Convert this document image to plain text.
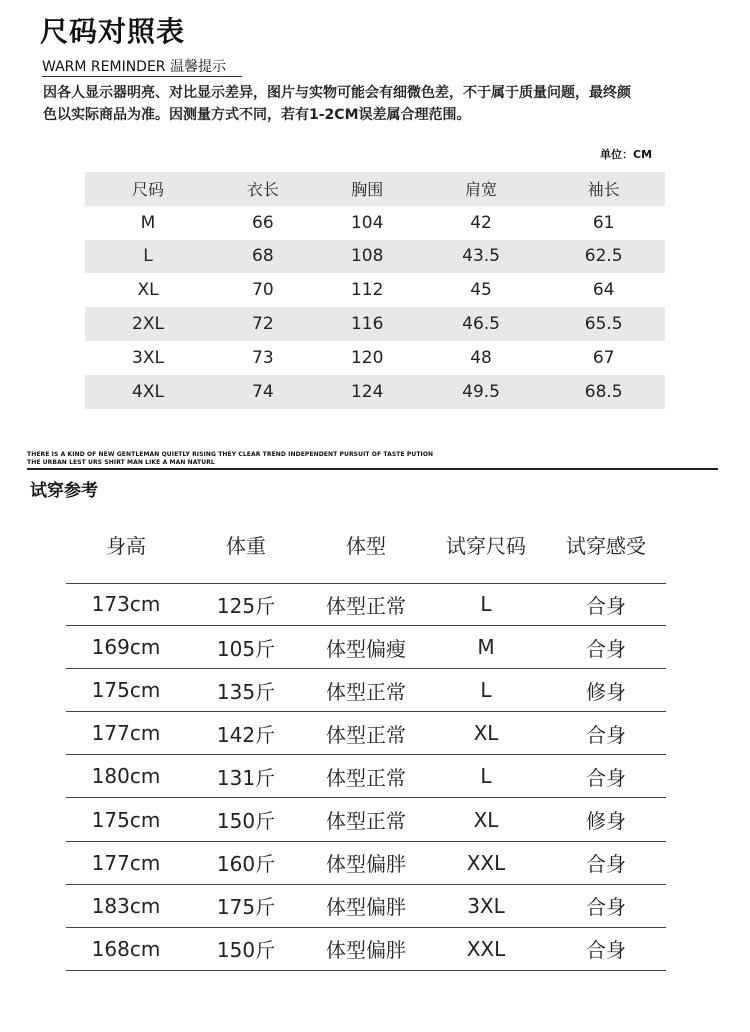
尺码对照表
WARM REMINDER 温馨提示
因各人显示器明亮、对比显示差异，图片与实物可能会有细微色差，不于属于质量问题，最终颜
色以实际商品为准。因测量方式不同，若有1-2CM误差属合理范围。
单位：CM
尺码	衣长	胸围	肩宽	袖长
M	66	104	42	61
L	68	108	43.5	62.5
XL	70	112	45	64
2XL	72	116	46.5	65.5
3XL	73	120	48	67
4XL	74	124	49.5	68.5
THERE IS A KIND OF NEW GENTLEMAN QUIETLY RISING THEY CLEAR TREND INDEPENDENT PURSUIT OF TASTE PUTION
THE URBAN LEST URS SHIRT MAN LIKE A MAN NATURL
试穿参考
身高	体重	体型	试穿尺码	试穿感受
173cm	125斤	体型正常	L	合身
169cm	105斤	体型偏瘦	M	合身
175cm	135斤	体型正常	L	修身
177cm	142斤	体型正常	XL	合身
180cm	131斤	体型正常	L	合身
175cm	150斤	体型正常	XL	修身
177cm	160斤	体型偏胖	XXL	合身
183cm	175斤	体型偏胖	3XL	合身
168cm	150斤	体型偏胖	XXL	合身
